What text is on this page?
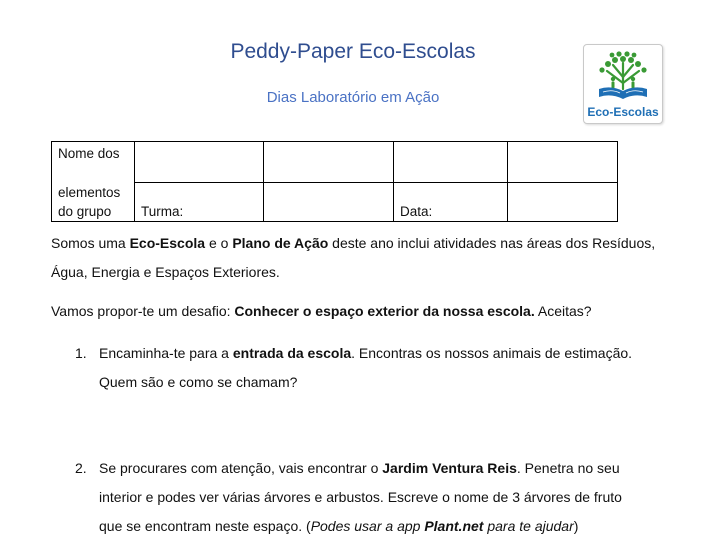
Peddy-Paper Eco-Escolas
Dias Laboratório em Ação
Eco-Escolas
Nome dos				

elementos
do grupo	Turma:		Data:	
Somos uma Eco-Escola e o Plano de Ação deste ano inclui atividades nas áreas dos Resíduos,
Água, Energia e Espaços Exteriores.
Vamos propor-te um desafio: Conhecer o espaço exterior da nossa escola. Aceitas?
1. Encaminha-te para a entrada da escola. Encontras os nossos animais de estimação.
Quem são e como se chamam?
2. Se procurares com atenção, vais encontrar o Jardim Ventura Reis. Penetra no seu
interior e podes ver várias árvores e arbustos. Escreve o nome de 3 árvores de fruto
que se encontram neste espaço. (Podes usar a app Plant.net para te ajudar)
